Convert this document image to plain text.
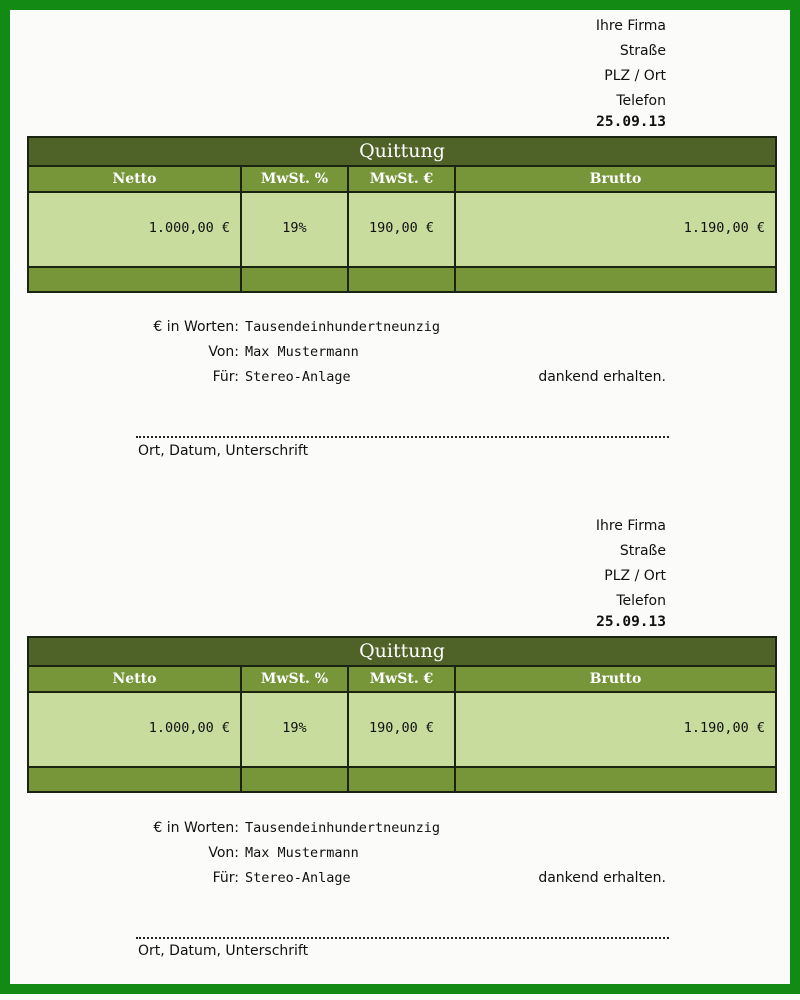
Ihre Firma
Straße
PLZ / Ort
Telefon
25.09.13
Quittung
Netto	MwSt. %	MwSt. €	Brutto
1.000,00 €	19%	190,00 €	1.190,00 €
€ in Worten: Tausendeinhundertneunzig
Von: Max Mustermann
Für: Stereo-Anlage	dankend erhalten.
Ort, Datum, Unterschrift
Ihre Firma
Straße
PLZ / Ort
Telefon
25.09.13
Quittung
Netto	MwSt. %	MwSt. €	Brutto
1.000,00 €	19%	190,00 €	1.190,00 €
€ in Worten: Tausendeinhundertneunzig
Von: Max Mustermann
Für: Stereo-Anlage	dankend erhalten.
Ort, Datum, Unterschrift
